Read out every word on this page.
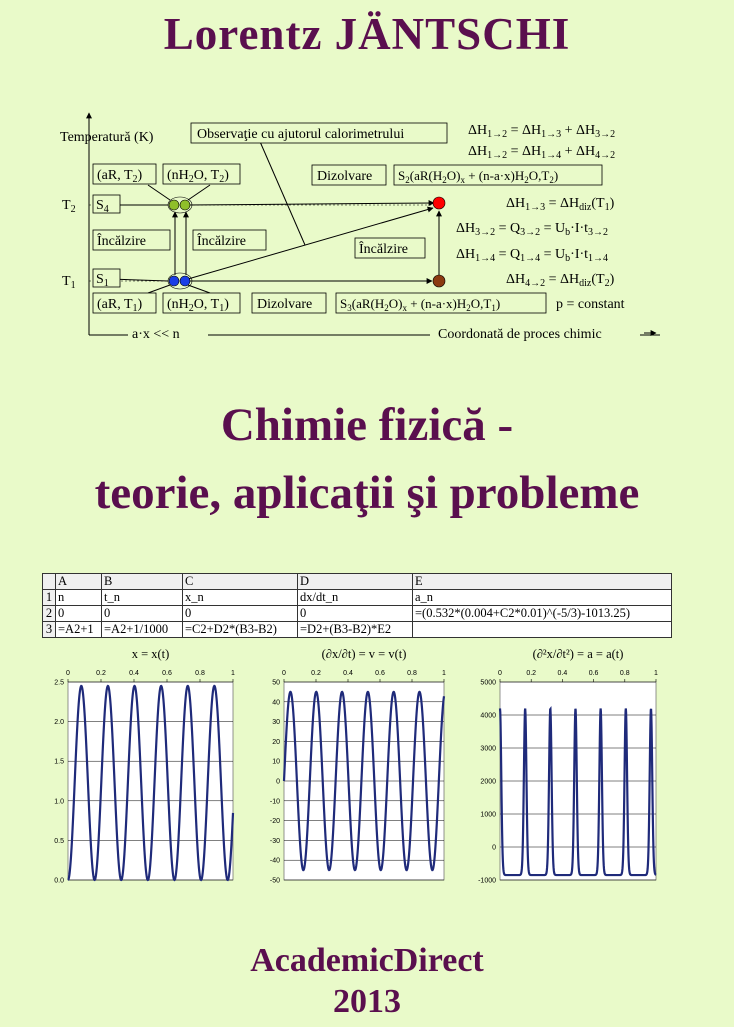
Lorentz JÄNTSCHI
Temperatură (K)
$T_2$
$T_1$
a·x << n	Coordonată de proces chimic
Observaţie cu ajutorul calorimetrului
(aR, $T_2$) ($nH_2O$, $T_2$)
$S_4$
Încălzire	Încălzire
$S_1$
(aR, $T_1$) ($nH_2O$, $T_1$)
Dizolvare
Dizolvare
Încălzire
$S_2(aR(H_2O)_x + (n-a\cdot x)H_2O,T_2)$
$S_3(aR(H_2O)_x + (n-a\cdot x)H_2O,T_1)$	p = constant
$\Delta H_{1\to 2} = \Delta H_{1\to 3} + \Delta H_{3\to 2}$
$\Delta H_{1\to 2} = \Delta H_{1\to 4} + \Delta H_{4\to 2}$
$\Delta H_{1\to 3} = \Delta H_{diz}(T_1)$
$\Delta H_{3\to 2} = Q_{3\to 2} = U_b\cdot I\cdot t_{3\to 2}$
$\Delta H_{1\to 4} = Q_{1\to 4} = U_b\cdot I\cdot t_{1\to 4}$
$\Delta H_{4\to 2} = \Delta H_{diz}(T_2)$
Chimie fizică -
teorie, aplicaţii şi probleme
	A	B	C	D	E
1	n	t_n	x_n	dx/dt_n	a_n
2	0	0	0	0	=(0.532*(0.004+C2*0.01)^(-5/3)-1013.25)
3	=A2+1	=A2+1/1000	=C2+D2*(B3-B2)	=D2+(B3-B2)*E2	
x = x(t)
0.0
0.5
1.0
1.5
2.0
2.5
0	0.2	0.4	0.6	0.8	1
(∂x/∂t) = v = v(t)
-50
-40
-30
-20
-10
0
10
20
30
40
50
0	0.2	0.4	0.6	0.8	1
(∂²x/∂t²) = a = a(t)
-1000
0
1000
2000
3000
4000
5000
0	0.2	0.4	0.6	0.8	1
AcademicDirect
2013
